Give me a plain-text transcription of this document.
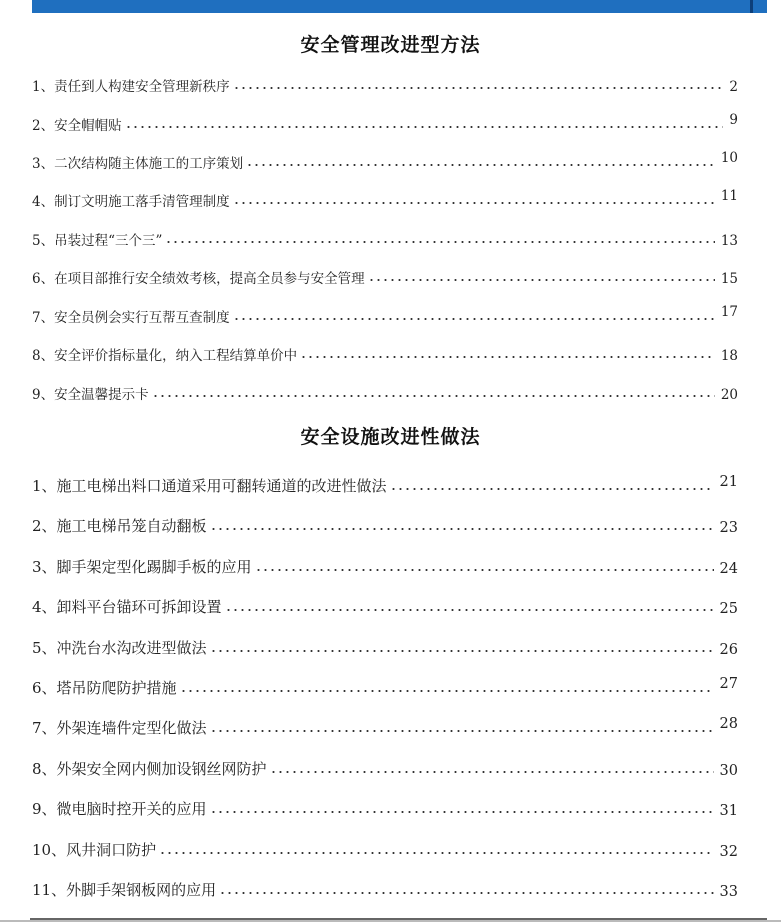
安全管理改进型方法
1、责任到人构建安全管理新秩序	2
2、安全帽帽贴	9
3、二次结构随主体施工的工序策划	10
4、制订文明施工落手清管理制度	11
5、吊装过程“三个三”	13
6、在项目部推行安全绩效考核，提高全员参与安全管理	15
7、安全员例会实行互帮互查制度	17
8、安全评价指标量化，纳入工程结算单价中	18
9、安全温馨提示卡	20
安全设施改进性做法
1、施工电梯出料口通道采用可翻转通道的改进性做法	21
2、施工电梯吊笼自动翻板	23
3、脚手架定型化踢脚手板的应用	24
4、卸料平台锚环可拆卸设置	25
5、冲洗台水沟改进型做法	26
6、塔吊防爬防护措施	27
7、外架连墙件定型化做法	28
8、外架安全网内侧加设钢丝网防护	30
9、微电脑时控开关的应用	31
10、风井洞口防护	32
11、外脚手架钢板网的应用	33
